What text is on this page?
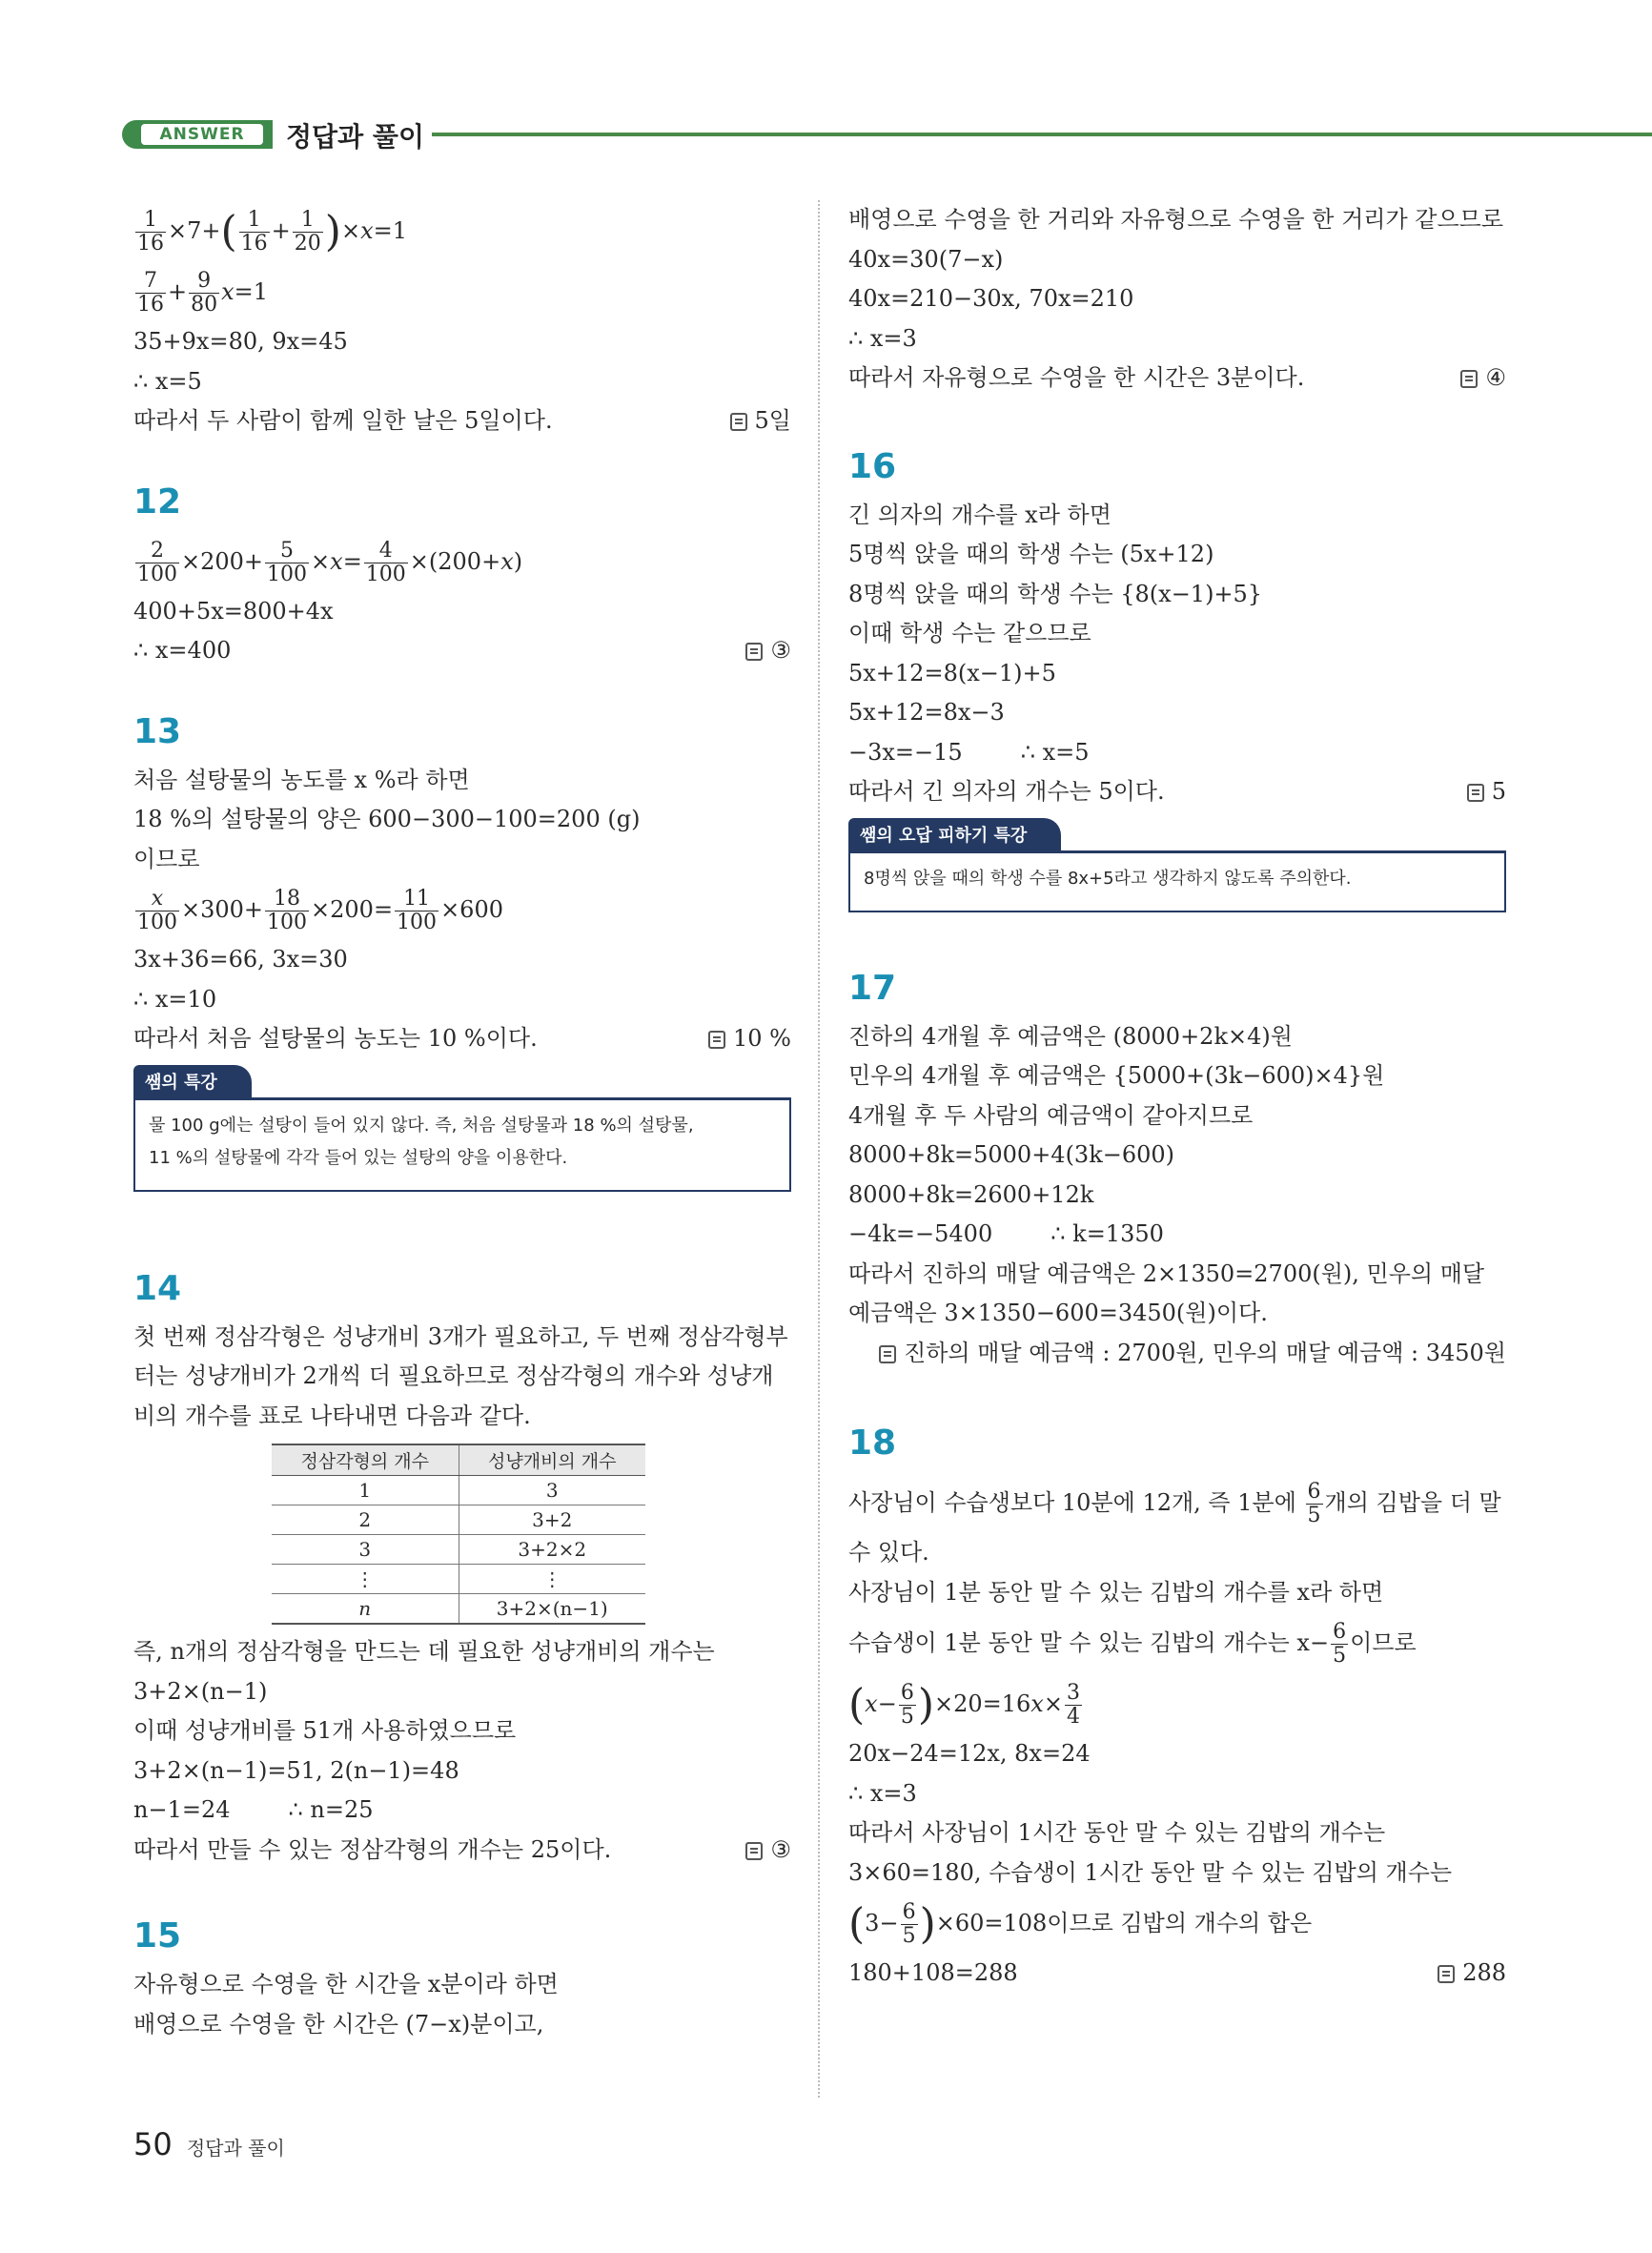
ANSWER	정답과 풀이
$\frac{1}{16} \times 7+( \frac{1}{16} + \frac{1}{20} )\times x=1$
$\frac{7}{16} + \frac{9}{80} x=1$
35+9x=80, 9x=45
∴ x=5
따라서 두 사람이 함께 일한 날은 5일이다.	5일
12
$\frac{2}{100} \times 200+ \frac{5}{100} \times x= \frac{4}{100} \times(200+x)$
400+5x=800+4x
∴ x=400	③
13
처음 설탕물의 농도를 x %라 하면
18 %의 설탕물의 양은 600−300−100=200 (g)
이므로
$\frac{x}{100} \times 300+ \frac{18}{100} \times 200= \frac{11}{100} \times 600$
3x+36=66, 3x=30
∴ x=10
따라서 처음 설탕물의 농도는 10 %이다.	10 %
쌤의 특강
물 100 g에는 설탕이 들어 있지 않다. 즉, 처음 설탕물과 18 %의 설탕물,
11 %의 설탕물에 각각 들어 있는 설탕의 양을 이용한다.
14
첫 번째 정삼각형은 성냥개비 3개가 필요하고, 두 번째 정삼각형부
터는 성냥개비가 2개씩 더 필요하므로 정삼각형의 개수와 성냥개
비의 개수를 표로 나타내면 다음과 같다.
정삼각형의 개수	성냥개비의 개수
1	3
2	3+2
3	3+2×2
⋮	⋮
n	3+2×(n−1)
즉, n개의 정삼각형을 만드는 데 필요한 성냥개비의 개수는
3+2×(n−1)
이때 성냥개비를 51개 사용하였으므로
3+2×(n−1)=51, 2(n−1)=48
n−1=24        ∴ n=25
따라서 만들 수 있는 정삼각형의 개수는 25이다.	③
15
자유형으로 수영을 한 시간을 x분이라 하면
배영으로 수영을 한 시간은 (7−x)분이고,
배영으로 수영을 한 거리와 자유형으로 수영을 한 거리가 같으므로
40x=30(7−x)
40x=210−30x, 70x=210
∴ x=3
따라서 자유형으로 수영을 한 시간은 3분이다.	④
16
긴 의자의 개수를 x라 하면
5명씩 앉을 때의 학생 수는 (5x+12)
8명씩 앉을 때의 학생 수는 {8(x−1)+5}
이때 학생 수는 같으므로
5x+12=8(x−1)+5
5x+12=8x−3
−3x=−15        ∴ x=5
따라서 긴 의자의 개수는 5이다.	5
쌤의 오답 피하기 특강
8명씩 앉을 때의 학생 수를 8x+5라고 생각하지 않도록 주의한다.
17
진하의 4개월 후 예금액은 (8000+2k×4)원
민우의 4개월 후 예금액은 {5000+(3k−600)×4}원
4개월 후 두 사람의 예금액이 같아지므로
8000+8k=5000+4(3k−600)
8000+8k=2600+12k
−4k=−5400        ∴ k=1350
따라서 진하의 매달 예금액은 2×1350=2700(원), 민우의 매달
예금액은 3×1350−600=3450(원)이다.
진하의 매달 예금액 : 2700원, 민우의 매달 예금액 : 3450원
18
사장님이 수습생보다 10분에 12개, 즉 1분에 $\frac{6}{5}$ 개의 김밥을 더 말
수 있다.
사장님이 1분 동안 말 수 있는 김밥의 개수를 x라 하면
수습생이 1분 동안 말 수 있는 김밥의 개수는 $x- \frac{6}{5}$ 이므로
$(x- \frac{6}{5} )\times 20=16x\times \frac{3}{4}$
20x−24=12x, 8x=24
∴ x=3
따라서 사장님이 1시간 동안 말 수 있는 김밥의 개수는
3×60=180, 수습생이 1시간 동안 말 수 있는 김밥의 개수는
$(3- \frac{6}{5} )\times 60=108$이므로 김밥의 개수의 합은
180+108=288	288
50 정답과 풀이
